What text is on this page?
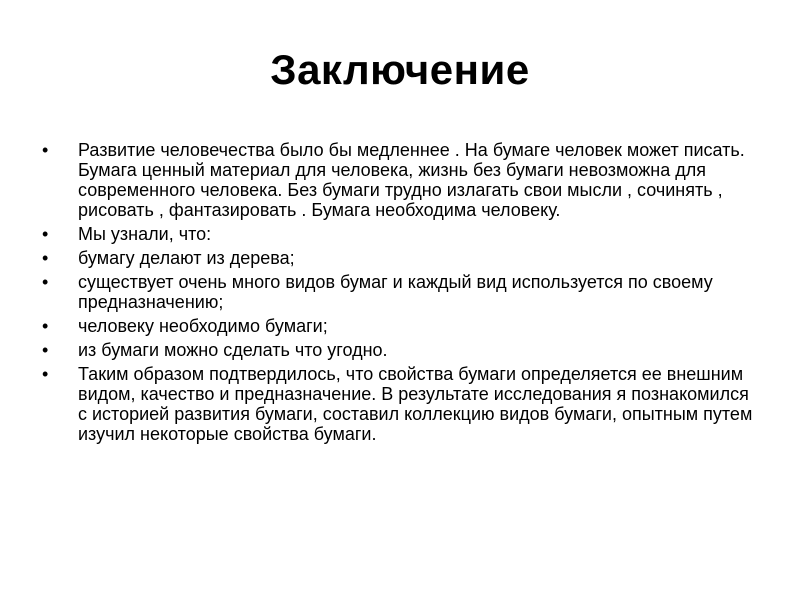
Заключение
•	Развитие человечества было бы медленнее . На бумаге человек может писать. Бумага ценный материал для человека, жизнь без бумаги невозможна для современного человека. Без бумаги трудно излагать свои мысли , сочинять , рисовать , фантазировать . Бумага необходима человеку.
•	Мы узнали, что:
•	бумагу делают из дерева;
•	существует очень много видов бумаг и каждый вид используется по своему предназначению;
•	человеку необходимо бумаги;
•	из бумаги можно сделать что угодно.
•	Таким образом подтвердилось, что свойства бумаги определяется ее внешним видом, качество и предназначение. В результате исследования я познакомился с историей развития бумаги, составил коллекцию видов бумаги, опытным путем изучил некоторые свойства бумаги.
